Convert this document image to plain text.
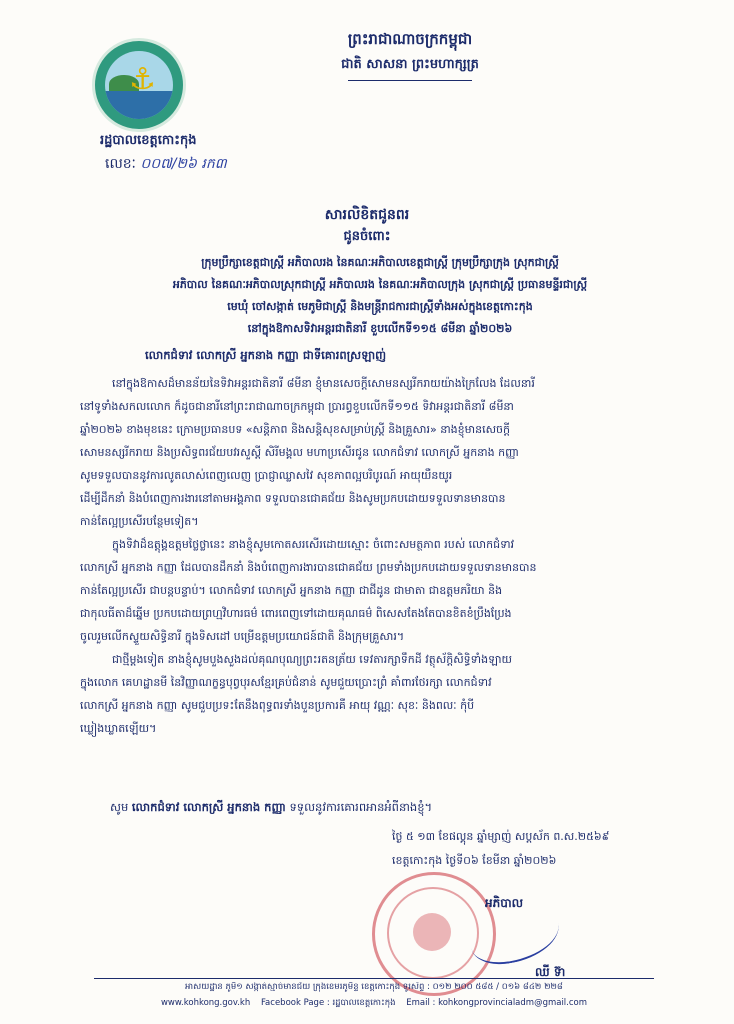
⚓
រដ្ឋបាលខេត្តកោះកុង
លេខៈ ០០៧/២៦ រក៣
ព្រះរាជាណាចក្រកម្ពុជា
ជាតិ សាសនា ព្រះមហាក្សត្រ
សារលិខិតជូនពរ
ជូនចំពោះ
ក្រុមប្រឹក្សាខេត្តជាស្ត្រី អភិបាលរង នៃគណៈអភិបាលខេត្តជាស្ត្រី ក្រុមប្រឹក្សាក្រុង ស្រុកជាស្ត្រី
អភិបាល នៃគណៈអភិបាលស្រុកជាស្ត្រី អភិបាលរង នៃគណៈអភិបាលក្រុង ស្រុកជាស្ត្រី ប្រធានមន្ទីរជាស្ត្រី
មេឃុំ ចៅសង្កាត់ មេភូមិជាស្ត្រី និងមន្ត្រីរាជការជាស្ត្រីទាំងអស់ក្នុងខេត្តកោះកុង
នៅក្នុងឱកាសទិវាអន្តរជាតិនារី ខួបលើកទី១១៥ ៨មីនា ឆ្នាំ២០២៦
លោកជំទាវ លោកស្រី អ្នកនាង កញ្ញា ជាទីគោរពស្រឡាញ់
នៅក្នុងឱកាសដ៏មានន័យនៃទិវាអន្តរជាតិនារី ៨មីនា ខ្ញុំមានសេចក្តីសោមនស្សរីករាយយ៉ាងក្រៃលែង ដែលនារី
នៅទូទាំងសកលលោក ក៏ដូចជានារីនៅព្រះរាជាណាចក្រកម្ពុជា ប្រារព្ធខួបលើកទី១១៥ ទិវាអន្តរជាតិនារី ៨មីនា
ឆ្នាំ២០២៦ ខាងមុខនេះ ក្រោមប្រធានបទ «សន្តិភាព និងសន្តិសុខសម្រាប់ស្ត្រី និងគ្រួសារ» នាងខ្ញុំមានសេចក្តី
សោមនស្សរីករាយ និងប្រសិទ្ធពរជ័យបវរសួស្តី សិរីមង្គល មហាប្រសើរជូន លោកជំទាវ លោកស្រី អ្នកនាង កញ្ញា
សូមទទួលបាននូវការលូតលាស់ពេញលេញ ប្រាជ្ញាឈ្លាសវៃ សុខភាពល្អបរិបូរណ៍ អាយុយឺនយូរ
ដើម្បីដឹកនាំ និងបំពេញការងារនៅតាមអង្គភាព ទទួលបានជោគជ័យ និងសូមប្រកបដោយទទួលទានមានបាន
កាន់តែល្អប្រសើរបន្ថែមទៀត។
ក្នុងទិវាដ៏ឧត្តុង្គឧត្តមថ្លៃថ្លានេះ នាងខ្ញុំសូមកោតសរសើរដោយស្មោះ ចំពោះសមត្ថភាព របស់ លោកជំទាវ
លោកស្រី អ្នកនាង កញ្ញា ដែលបានដឹកនាំ និងបំពេញការងារបានជោគជ័យ ព្រមទាំងប្រកបដោយទទួលទានមានបាន
កាន់តែល្អប្រសើរ ជាបន្តបន្ទាប់។ លោកជំទាវ លោកស្រី អ្នកនាង កញ្ញា ជាជីដូន ជាមាតា ជាឧត្តមភរិយា និង
ជាកុលធីតាដ៏ឆ្នើម ប្រកបដោយព្រហ្មវិហារធម៌ ពោរពេញទៅដោយគុណធម៌ ពិសេសតែងតែបានខិតខំប្រឹងប្រែង
ចូលរួមលើកស្ទួយសិទ្ធិនារី ក្នុងទិសដៅ បម្រើឧត្តមប្រយោជន៍ជាតិ និងក្រុមគ្រួសារ។
ជាថ្មីម្តងទៀត នាងខ្ញុំសូមបួងសួងដល់គុណបុណ្យព្រះរតនត្រ័យ ទេវតារក្សាទឹកដី វត្ថុស័ក្តិសិទ្ធិទាំងឡាយ
ក្នុងលោក គេហដ្ឋានមី នៃវិញ្ញាណក្ខន្ធបុព្វបុរសខ្មែរគ្រប់ជំនាន់ សូមជួយប្រោះព្រំ គាំពារថែរក្សា លោកជំទាវ
លោកស្រី អ្នកនាង កញ្ញា សូមជួបប្រទះតែនឹងពុទ្ធពរទាំងបួនប្រការគឺ អាយុ វណ្ណៈ សុខៈ និងពលៈ កុំបី
ឃ្លៀងឃ្លាតឡើយ។
សូម លោកជំទាវ លោកស្រី អ្នកនាង កញ្ញា ទទួលនូវការគោរពអានអំពីនាងខ្ញុំ។
ថ្ងៃ ៥ ១៣ ខែផល្គុន ឆ្នាំម្សាញ់ សប្តស័ក ព.ស.២៥៦៩
ខេត្តកោះកុង ថ្ងៃទី០៦ ខែមីនា ឆ្នាំ២០២៦
អភិបាល
ឈី ទ៊ា
អាសយដ្ឋាន ភូមិ១ សង្កាត់ស្មាច់មានជ័យ ក្រុងខេមរភូមិន្ទ ខេត្តកោះកុង ទូរស័ព្ទ : ០១២ ២០០ ៥៨៥ / ០១៦ ៨៤២ ២២៨
www.kohkong.gov.kh Facebook Page : រដ្ឋបាលខេត្តកោះកុង Email : kohkongprovincialadm@gmail.com
